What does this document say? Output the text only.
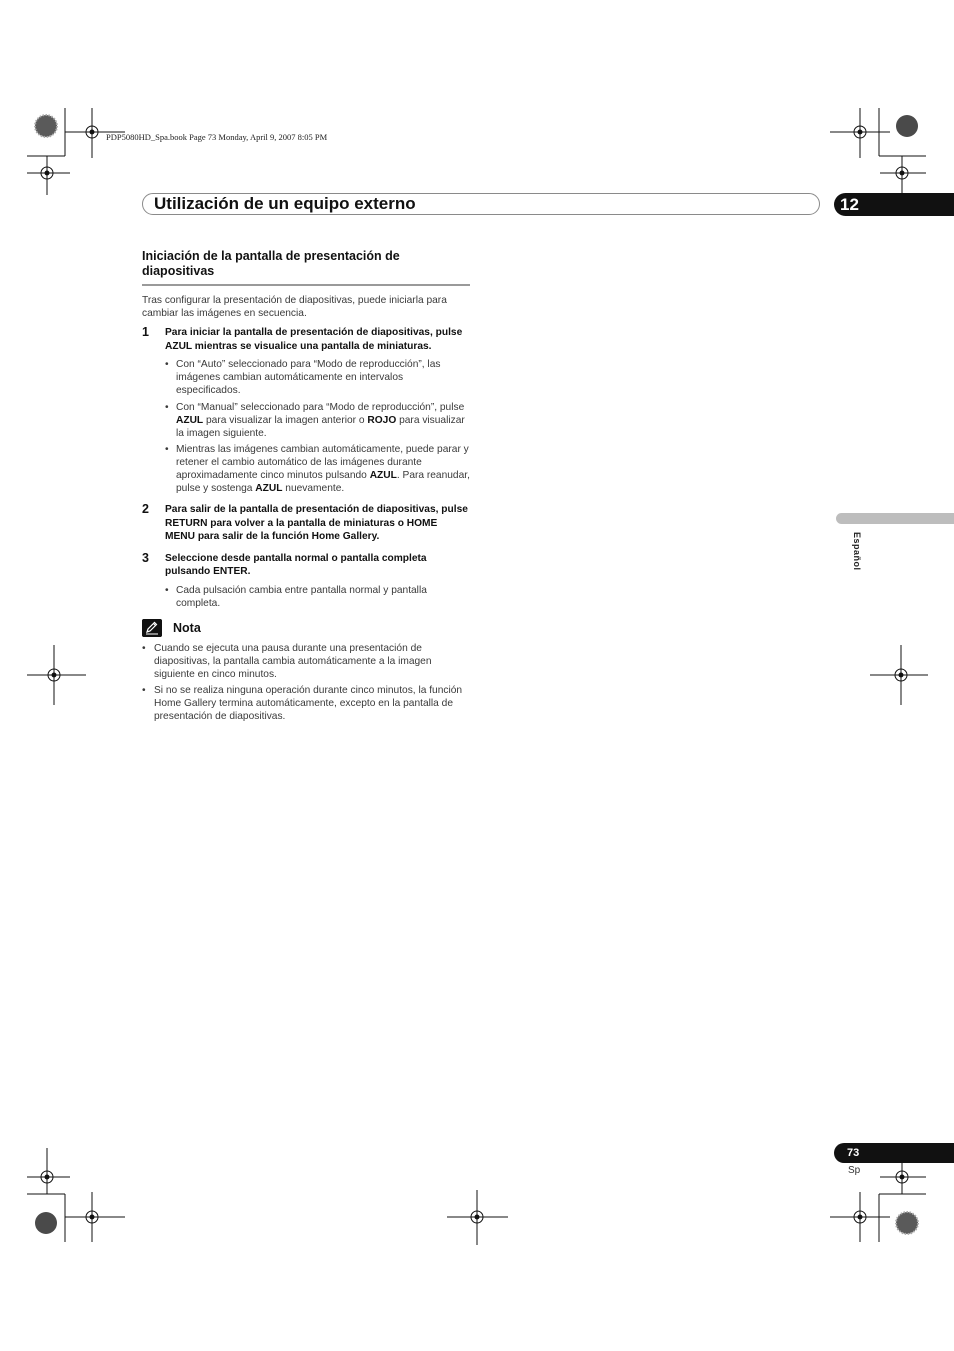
PDP5080HD_Spa.book Page 73 Monday, April 9, 2007 8:05 PM
Utilización de un equipo externo	12
Español
Iniciación de la pantalla de presentación de diapositivas

Tras configurar la presentación de diapositivas, puede iniciarla para cambiar las imágenes en secuencia.

1 Para iniciar la pantalla de presentación de diapositivas, pulse AZUL mientras se visualice una pantalla de miniaturas.
• Con “Auto” seleccionado para “Modo de reproducción”, las imágenes cambian automáticamente en intervalos especificados.
• Con “Manual” seleccionado para “Modo de reproducción”, pulse AZUL para visualizar la imagen anterior o ROJO para visualizar la imagen siguiente.
• Mientras las imágenes cambian automáticamente, puede parar y retener el cambio automático de las imágenes durante aproximadamente cinco minutos pulsando AZUL. Para reanudar, pulse y sostenga AZUL nuevamente.
2 Para salir de la pantalla de presentación de diapositivas, pulse RETURN para volver a la pantalla de miniaturas o HOME MENU para salir de la función Home Gallery.
3 Seleccione desde pantalla normal o pantalla completa pulsando ENTER.
• Cada pulsación cambia entre pantalla normal y pantalla completa.
Nota
• Cuando se ejecuta una pausa durante una presentación de diapositivas, la pantalla cambia automáticamente a la imagen siguiente en cinco minutos.
• Si no se realiza ninguna operación durante cinco minutos, la función Home Gallery termina automáticamente, excepto en la pantalla de presentación de diapositivas.
73
Sp
